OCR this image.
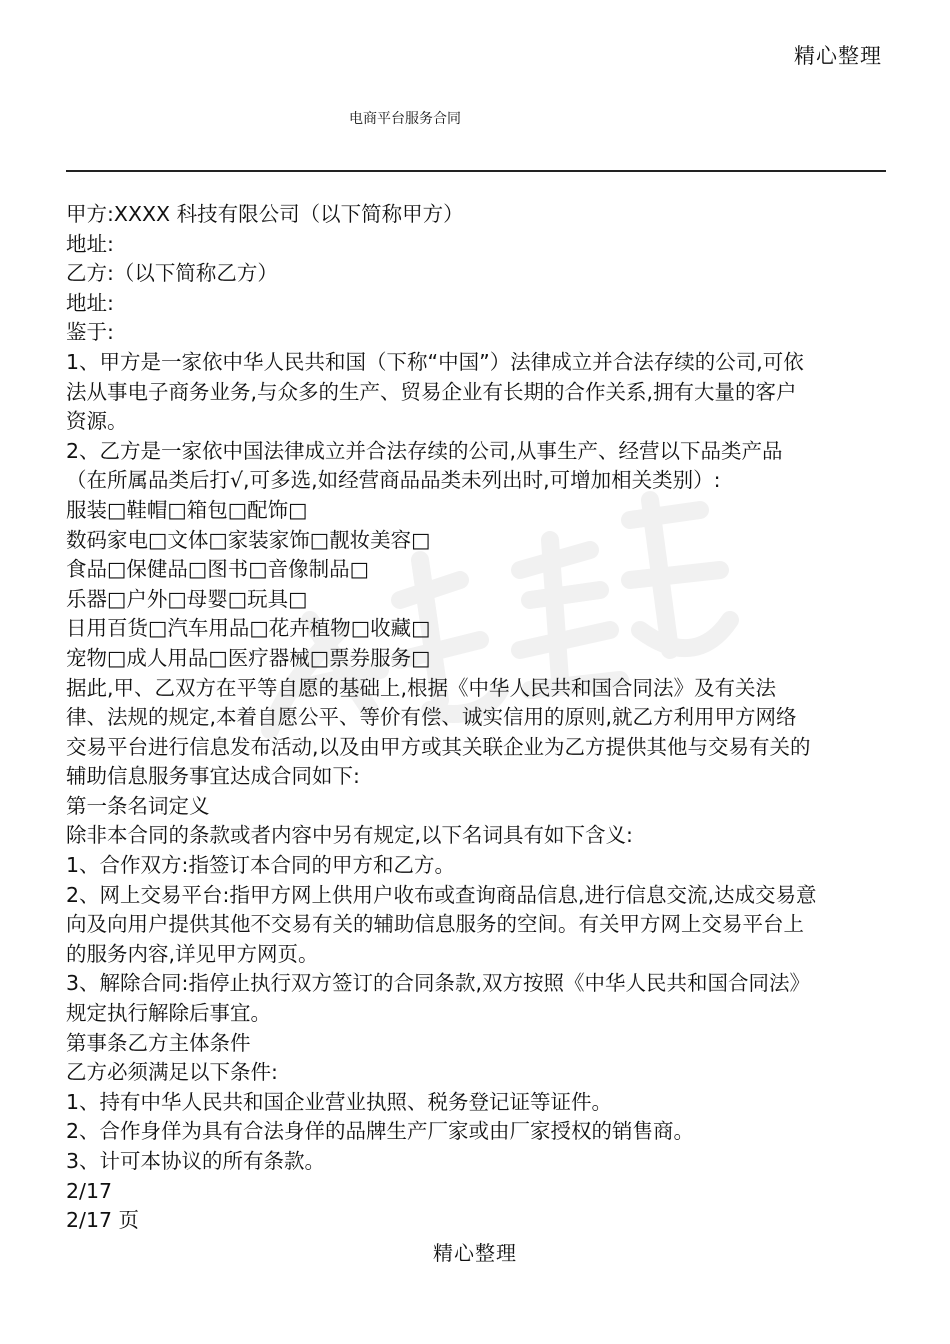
精心整理
电商平台服务合同
甲方:XXXX 科技有限公司（以下简称甲方）
地址:
乙方:（以下简称乙方）
地址:
鉴于:
1、甲方是一家依中华人民共和国（下称“中国”）法律成立并合法存续的公司,可依
法从事电子商务业务,与众多的生产、贸易企业有长期的合作关系,拥有大量的客户
资源。
2、乙方是一家依中国法律成立并合法存续的公司,从事生产、经营以下品类产品
（在所属品类后打√,可多选,如经营商品品类未列出时,可增加相关类别）:
服装□鞋帽□箱包□配饰□
数码家电□文体□家装家饰□靓妆美容□
食品□保健品□图书□音像制品□
乐器□户外□母婴□玩具□
日用百货□汽车用品□花卉植物□收藏□
宠物□成人用品□医疗器械□票券服务□
据此,甲、乙双方在平等自愿的基础上,根据《中华人民共和国合同法》及有关法
律、法规的规定,本着自愿公平、等价有偿、诚实信用的原则,就乙方利用甲方网络
交易平台进行信息发布活动,以及由甲方或其关联企业为乙方提供其他与交易有关的
辅助信息服务事宜达成合同如下:
第一条名词定义
除非本合同的条款或者内容中另有规定,以下名词具有如下含义:
1、合作双方:指签订本合同的甲方和乙方。
2、网上交易平台:指甲方网上供用户收布或查询商品信息,进行信息交流,达成交易意
向及向用户提供其他不交易有关的辅助信息服务的空间。有关甲方网上交易平台上
的服务内容,详见甲方网页。
3、解除合同:指停止执行双方签订的合同条款,双方按照《中华人民共和国合同法》
规定执行解除后事宜。
第事条乙方主体条件
乙方必须满足以下条件:
1、持有中华人民共和国企业营业执照、税务登记证等证件。
2、合作身佯为具有合法身佯的品牌生产厂家或由厂家授权的销售商。
3、计可本协议的所有条款。
2/17
2/17 页
精心整理
